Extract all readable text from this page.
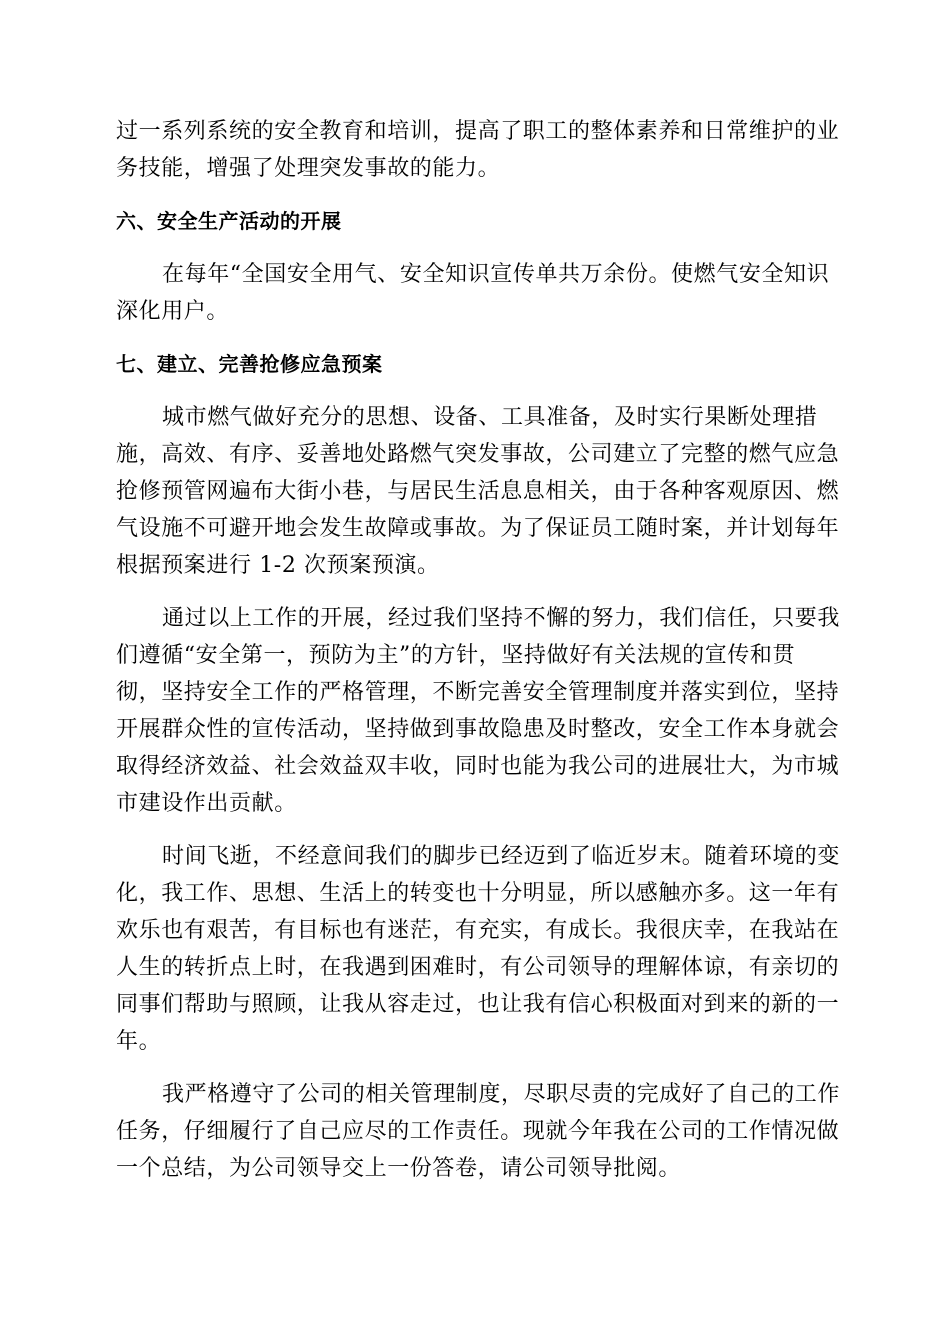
过一系列系统的安全教育和培训，提高了职工的整体素养和日常维护的业
务技能，增强了处理突发事故的能力。
六、安全生产活动的开展
在每年“全国安全用气、安全知识宣传单共万余份。使燃气安全知识
深化用户。
七、建立、完善抢修应急预案
城市燃气做好充分的思想、设备、工具准备，及时实行果断处理措
施，高效、有序、妥善地处路燃气突发事故，公司建立了完整的燃气应急
抢修预管网遍布大街小巷，与居民生活息息相关，由于各种客观原因、燃
气设施不可避开地会发生故障或事故。为了保证员工随时案，并计划每年
根据预案进行 1-2 次预案预演。
通过以上工作的开展，经过我们坚持不懈的努力，我们信任，只要我
们遵循“安全第一，预防为主”的方针，坚持做好有关法规的宣传和贯
彻，坚持安全工作的严格管理，不断完善安全管理制度并落实到位，坚持
开展群众性的宣传活动，坚持做到事故隐患及时整改，安全工作本身就会
取得经济效益、社会效益双丰收，同时也能为我公司的进展壮大，为市城
市建设作出贡献。
时间飞逝，不经意间我们的脚步已经迈到了临近岁末。随着环境的变
化，我工作、思想、生活上的转变也十分明显，所以感触亦多。这一年有
欢乐也有艰苦，有目标也有迷茫，有充实，有成长。我很庆幸，在我站在
人生的转折点上时，在我遇到困难时，有公司领导的理解体谅，有亲切的
同事们帮助与照顾，让我从容走过，也让我有信心积极面对到来的新的一
年。
我严格遵守了公司的相关管理制度，尽职尽责的完成好了自己的工作
任务，仔细履行了自己应尽的工作责任。现就今年我在公司的工作情况做
一个总结，为公司领导交上一份答卷，请公司领导批阅。
